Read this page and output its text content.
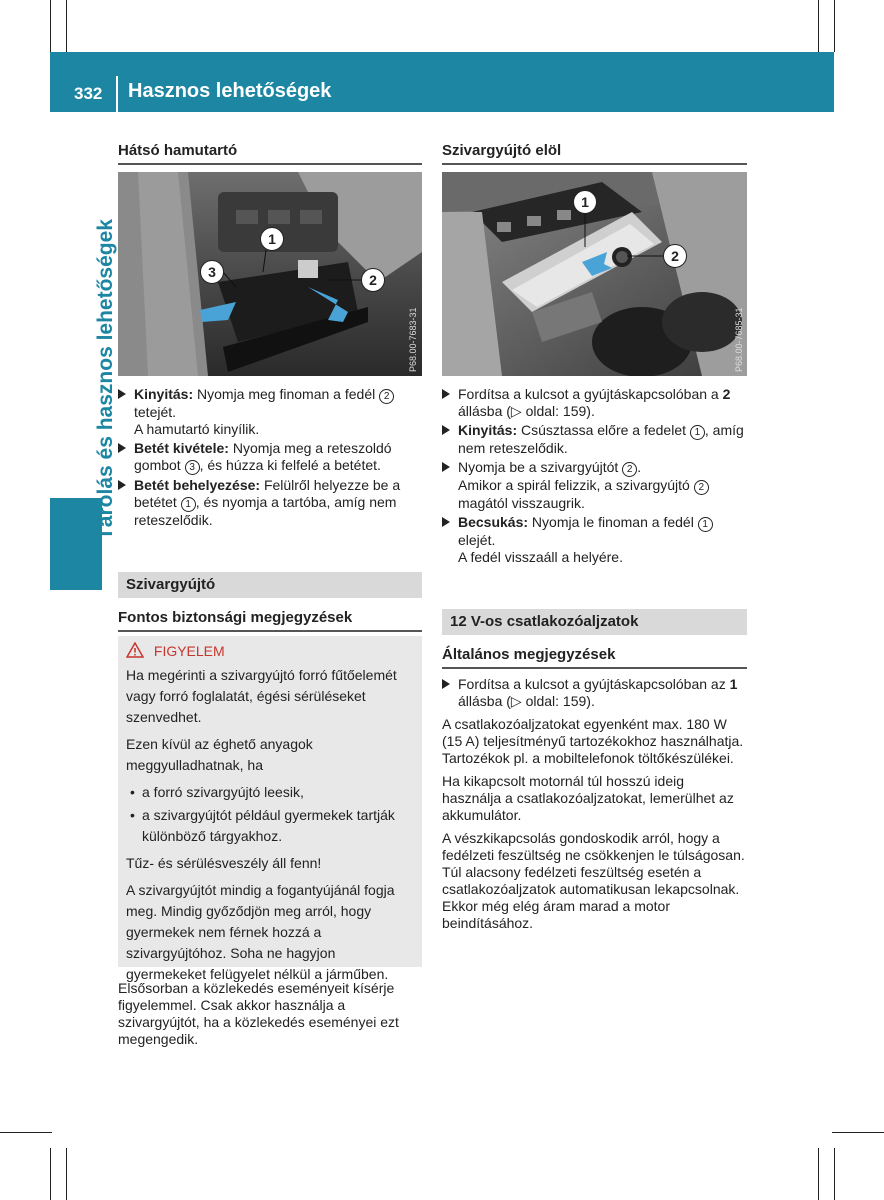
332 Hasznos lehetőségek
Tárolás és hasznos lehetőségek
Hátsó hamutartó
1
2
3
P68.00-7683-31
Kinyitás: Nyomja meg finoman a fedél 2 tetejét.
A hamutartó kinyílik.
Betét kivétele: Nyomja meg a reteszoldó gombot 3 , és húzza ki felfelé a betétet.
Betét behelyezése: Felülről helyezze be a betétet 1 , és nyomja a tartóba, amíg nem reteszelődik.
Szivargyújtó
Fontos biztonsági megjegyzések
FIGYELEM

Ha megérinti a szivargyújtó forró fűtőelemét vagy forró foglalatát, égési sérüléseket szenvedhet.

Ezen kívül az éghető anyagok meggyulladhatnak, ha

• a forró szivargyújtó leesik,
• a szivargyújtót például gyermekek tartják különböző tárgyakhoz.

Tűz- és sérülésveszély áll fenn!

A szivargyújtót mindig a fogantyújánál fogja meg. Mindig győződjön meg arról, hogy gyermekek nem férnek hozzá a szivargyújtóhoz. Soha ne hagyjon gyermekeket felügyelet nélkül a járműben.

Elsősorban a közlekedés eseményeit kísérje figyelemmel. Csak akkor használja a szivargyújtót, ha a közlekedés eseményei ezt megengedik.
Szivargyújtó elöl
1
2
P68.00-7685-31
Fordítsa a kulcsot a gyújtáskapcsolóban a 2 állásba (▷ oldal: 159).
Kinyitás: Csúsztassa előre a fedelet 1 , amíg nem reteszelődik.
Nyomja be a szivargyújtót 2 .
Amikor a spirál felizzik, a szivargyújtó 2 magától visszaugrik.
Becsukás: Nyomja le finoman a fedél 1 elejét.
A fedél visszaáll a helyére.
12 V-os csatlakozóaljzatok
Általános megjegyzések
Fordítsa a kulcsot a gyújtáskapcsolóban az 1 állásba (▷ oldal: 159).

A csatlakozóaljzatokat egyenként max. 180 W (15 A) teljesítményű tartozékokhoz használhatja. Tartozékok pl. a mobiltelefonok töltőkészülékei.

Ha kikapcsolt motornál túl hosszú ideig használja a csatlakozóaljzatokat, lemerülhet az akkumulátor.

A vészkikapcsolás gondoskodik arról, hogy a fedélzeti feszültség ne csökkenjen le túlságosan. Túl alacsony fedélzeti feszültség esetén a csatlakozóaljzatok automatikusan lekapcsolnak. Ekkor még elég áram marad a motor beindításához.
